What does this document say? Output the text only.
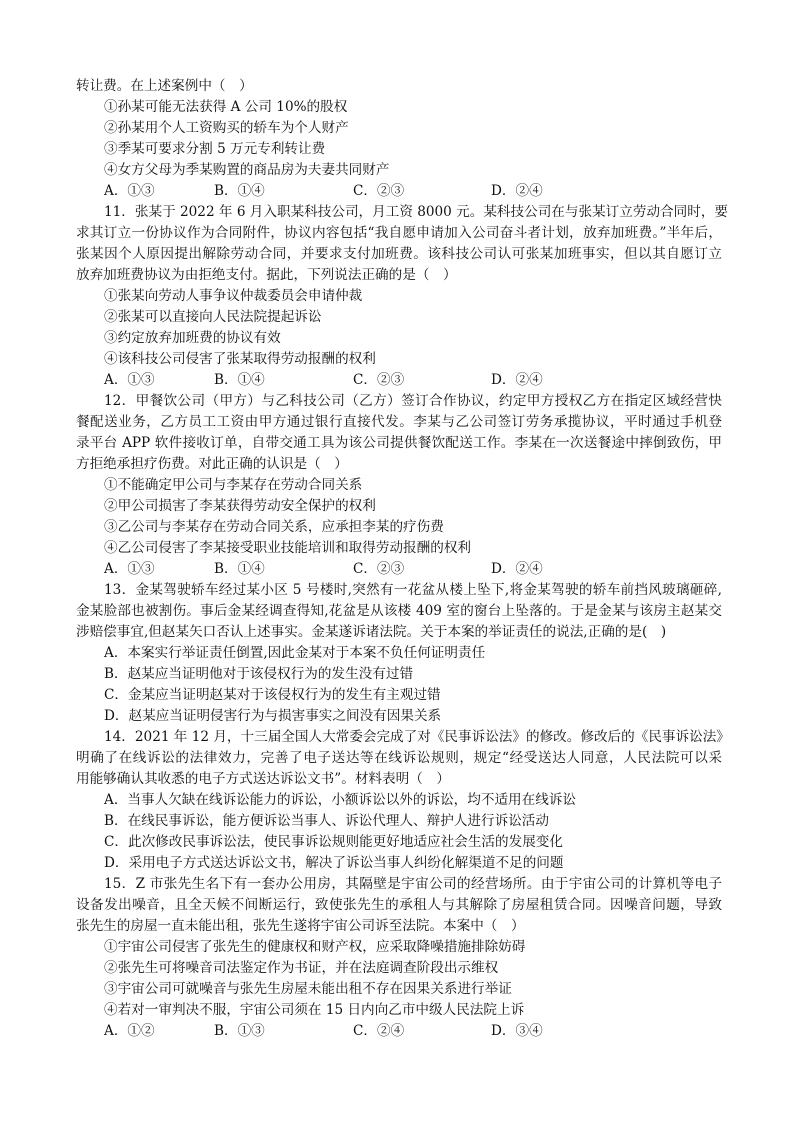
转让费。在上述案例中（　）
①孙某可能无法获得 A 公司 10%的股权
②孙某用个人工资购买的轿车为个人财产
③季某可要求分割 5 万元专利转让费
④女方父母为季某购置的商品房为夫妻共同财产
A．①③	B．①④	C．②③	D．②④
11．张某于 2022 年 6 月入职某科技公司，月工资 8000 元。某科技公司在与张某订立劳动合同时，要
求其订立一份协议作为合同附件，协议内容包括“我自愿申请加入公司奋斗者计划，放弃加班费。”半年后，
张某因个人原因提出解除劳动合同，并要求支付加班费。该科技公司认可张某加班事实，但以其自愿订立
放弃加班费协议为由拒绝支付。据此，下列说法正确的是（　）
①张某向劳动人事争议仲裁委员会申请仲裁
②张某可以直接向人民法院提起诉讼
③约定放弃加班费的协议有效
④该科技公司侵害了张某取得劳动报酬的权利
A．①③	B．①④	C．②③	D．②④
12．甲餐饮公司（甲方）与乙科技公司（乙方）签订合作协议，约定甲方授权乙方在指定区域经营快
餐配送业务，乙方员工工资由甲方通过银行直接代发。李某与乙公司签订劳务承揽协议，平时通过手机登
录平台 APP 软件接收订单，自带交通工具为该公司提供餐饮配送工作。李某在一次送餐途中摔倒致伤，甲
方拒绝承担疗伤费。对此正确的认识是（　）
①不能确定甲公司与李某存在劳动合同关系
②甲公司损害了李某获得劳动安全保护的权利
③乙公司与李某存在劳动合同关系，应承担李某的疗伤费
④乙公司侵害了李某接受职业技能培训和取得劳动报酬的权利
A．①③	B．①④	C．②③	D．②④
13．金某驾驶轿车经过某小区 5 号楼时,突然有一花盆从楼上坠下,将金某驾驶的轿车前挡风玻璃砸碎,
金某脸部也被割伤。事后金某经调查得知,花盆是从该楼 409 室的窗台上坠落的。于是金某与该房主赵某交
涉赔偿事宜,但赵某矢口否认上述事实。金某遂诉诸法院。关于本案的举证责任的说法,正确的是(　)
A．本案实行举证责任倒置,因此金某对于本案不负任何证明责任
B．赵某应当证明他对于该侵权行为的发生没有过错
C．金某应当证明赵某对于该侵权行为的发生有主观过错
D．赵某应当证明侵害行为与损害事实之间没有因果关系
14．2021 年 12 月，十三届全国人大常委会完成了对《民事诉讼法》的修改。修改后的《民事诉讼法》
明确了在线诉讼的法律效力，完善了电子送达等在线诉讼规则，规定“经受送达人同意，人民法院可以采
用能够确认其收悉的电子方式送达诉讼文书”。材料表明（　）
A．当事人欠缺在线诉讼能力的诉讼，小额诉讼以外的诉讼，均不适用在线诉讼
B．在线民事诉讼，能方便诉讼当事人、诉讼代理人、辩护人进行诉讼活动
C．此次修改民事诉讼法，使民事诉讼规则能更好地适应社会生活的发展变化
D．采用电子方式送达诉讼文书，解决了诉讼当事人纠纷化解渠道不足的问题
15．Z 市张先生名下有一套办公用房，其隔壁是宇宙公司的经营场所。由于宇宙公司的计算机等电子
设备发出噪音，且全天候不间断运行，致使张先生的承租人与其解除了房屋租赁合同。因噪音问题，导致
张先生的房屋一直未能出租，张先生遂将宇宙公司诉至法院。本案中（　）
①宇宙公司侵害了张先生的健康权和财产权，应采取降噪措施排除妨碍
②张先生可将噪音司法鉴定作为书证，并在法庭调查阶段出示维权
③宇宙公司可就噪音与张先生房屋未能出租不存在因果关系进行举证
④若对一审判决不服，宇宙公司须在 15 日内向乙市中级人民法院上诉
A．①②	B．①③	C．②④	D．③④
